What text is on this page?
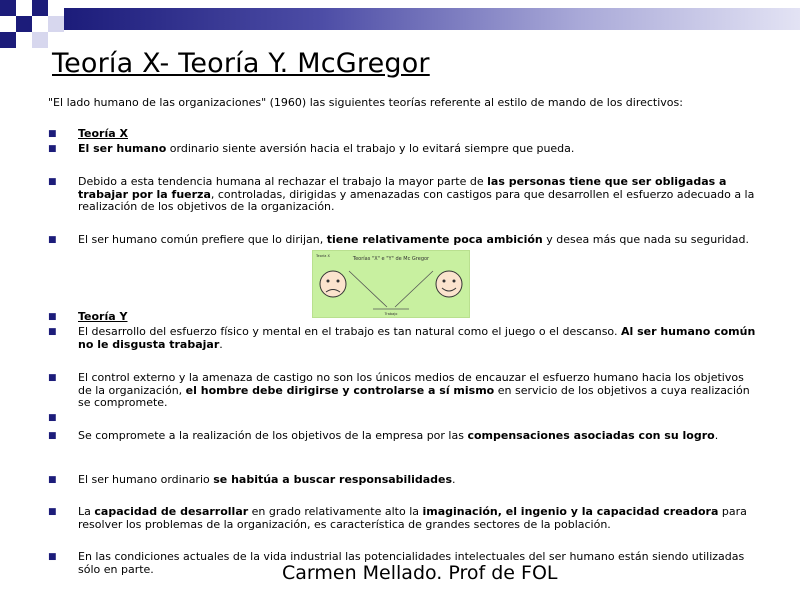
Teoría X- Teoría Y. McGregor
"El lado humano de las organizaciones" (1960) las siguientes teorías referente al estilo de mando de los directivos:
■ Teoría X
■ El ser humano ordinario siente aversión hacia el trabajo y lo evitará siempre que pueda.
■ Debido a esta tendencia humana al rechazar el trabajo la mayor parte de las personas tiene que ser obligadas a trabajar por la fuerza, controladas, dirigidas y amenazadas con castigos para que desarrollen el esfuerzo adecuado a la realización de los objetivos de la organización.
■ El ser humano común prefiere que lo dirijan, tiene relativamente poca ambición y desea más que nada su seguridad.
Teorías "X" e "Y" de Mc Gregor
Teoría X
Trabajo
■ Teoría Y
■ El desarrollo del esfuerzo físico y mental en el trabajo es tan natural como el juego o el descanso. Al ser humano común no le disgusta trabajar.
■ El control externo y la amenaza de castigo no son los únicos medios de encauzar el esfuerzo humano hacia los objetivos de la organización, el hombre debe dirigirse y controlarse a sí mismo en servicio de los objetivos a cuya realización se compromete.
■
■ Se compromete a la realización de los objetivos de la empresa por las compensaciones asociadas con su logro.
■ El ser humano ordinario se habitúa a buscar responsabilidades.
■ La capacidad de desarrollar en grado relativamente alto la imaginación, el ingenio y la capacidad creadora para resolver los problemas de la organización, es característica de grandes sectores de la población.
■ En las condiciones actuales de la vida industrial las potencialidades intelectuales del ser humano están siendo utilizadas sólo en parte.	Carmen Mellado. Prof de FOL
